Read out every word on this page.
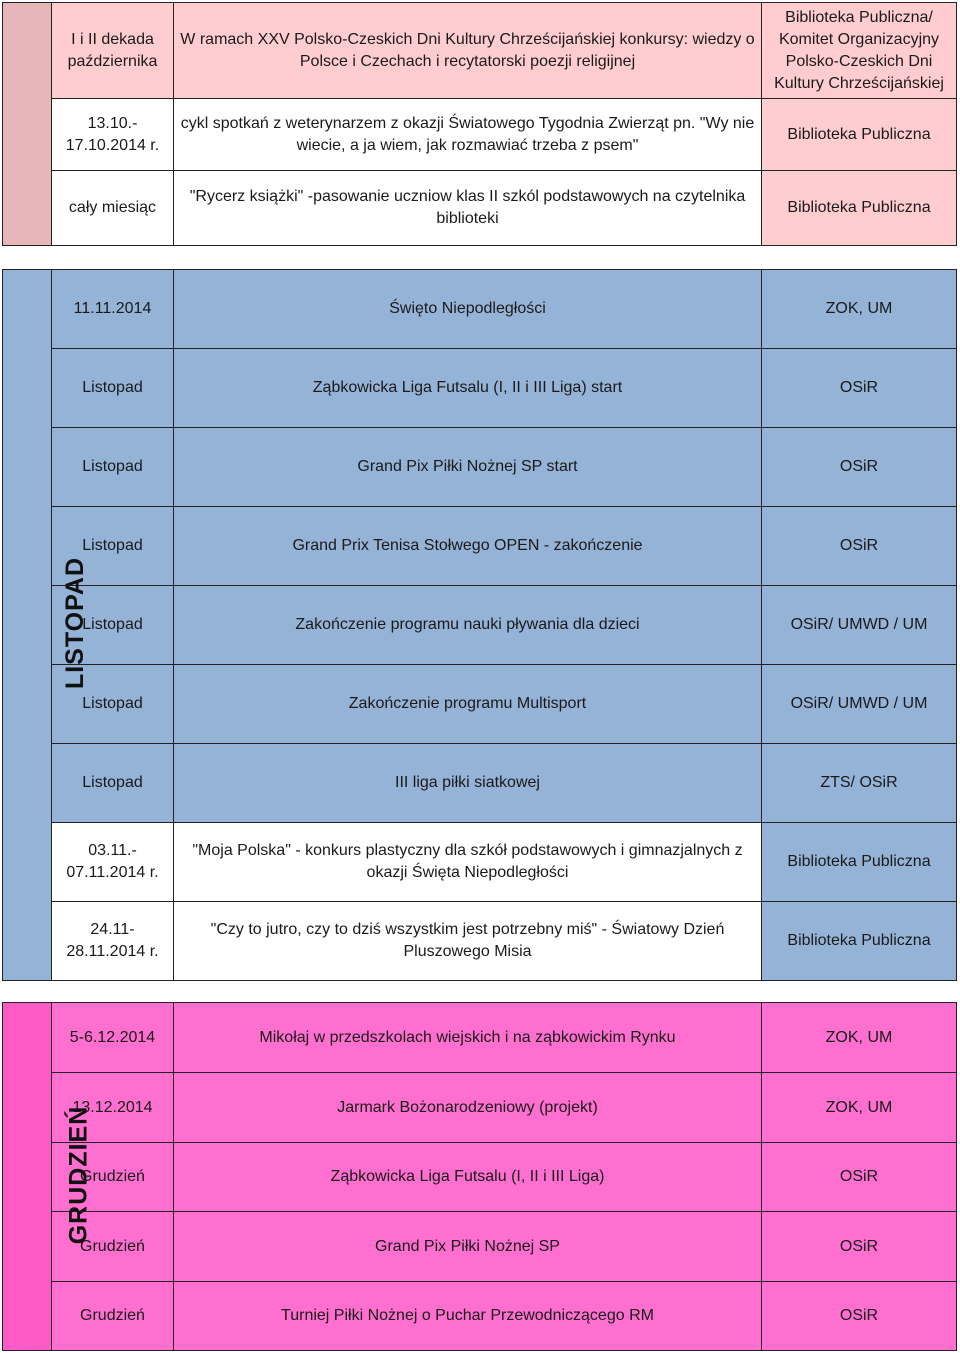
	I i II dekada października	W ramach XXV Polsko-Czeskich Dni Kultury Chrześcijańskiej konkursy: wiedzy o Polsce i Czechach i recytatorski poezji religijnej	Biblioteka Publiczna/ Komitet Organizacyjny Polsko-Czeskich Dni Kultury Chrześcijańskiej
	13.10.- 17.10.2014 r.	cykl spotkań z weterynarzem z okazji Światowego Tygodnia Zwierząt pn. "Wy nie wiecie, a ja wiem, jak rozmawiać trzeba z psem"	Biblioteka Publiczna
	cały miesiąc	"Rycerz książki" -pasowanie uczniow klas II szkól podstawowych na czytelnika biblioteki	Biblioteka Publiczna
LISTOPAD	11.11.2014	Święto Niepodległości	ZOK, UM
	Listopad	Ząbkowicka Liga Futsalu (I, II i III Liga) start	OSiR
	Listopad	Grand Pix Piłki Nożnej SP start	OSiR
	Listopad	Grand Prix Tenisa Stołwego OPEN - zakończenie	OSiR
	Listopad	Zakończenie programu nauki pływania dla dzieci	OSiR/ UMWD / UM
	Listopad	Zakończenie programu Multisport	OSiR/ UMWD / UM
	Listopad	III liga piłki siatkowej	ZTS/ OSiR
	03.11.- 07.11.2014 r.	"Moja Polska" - konkurs plastyczny dla szkół podstawowych i gimnazjalnych z okazji Święta Niepodległości	Biblioteka Publiczna
	24.11- 28.11.2014 r.	"Czy to jutro, czy to dziś wszystkim jest potrzebny miś" - Światowy Dzień Pluszowego Misia	Biblioteka Publiczna
GRUDZIEŃ	5-6.12.2014	Mikołaj w przedszkolach wiejskich i na ząbkowickim Rynku	ZOK, UM
	13.12.2014	Jarmark Bożonarodzeniowy (projekt)	ZOK, UM
	Grudzień	Ząbkowicka Liga Futsalu (I, II i III Liga)	OSiR
	Grudzień	Grand Pix Piłki Nożnej SP	OSiR
	Grudzień	Turniej Piłki Nożnej o Puchar Przewodniczącego RM	OSiR
